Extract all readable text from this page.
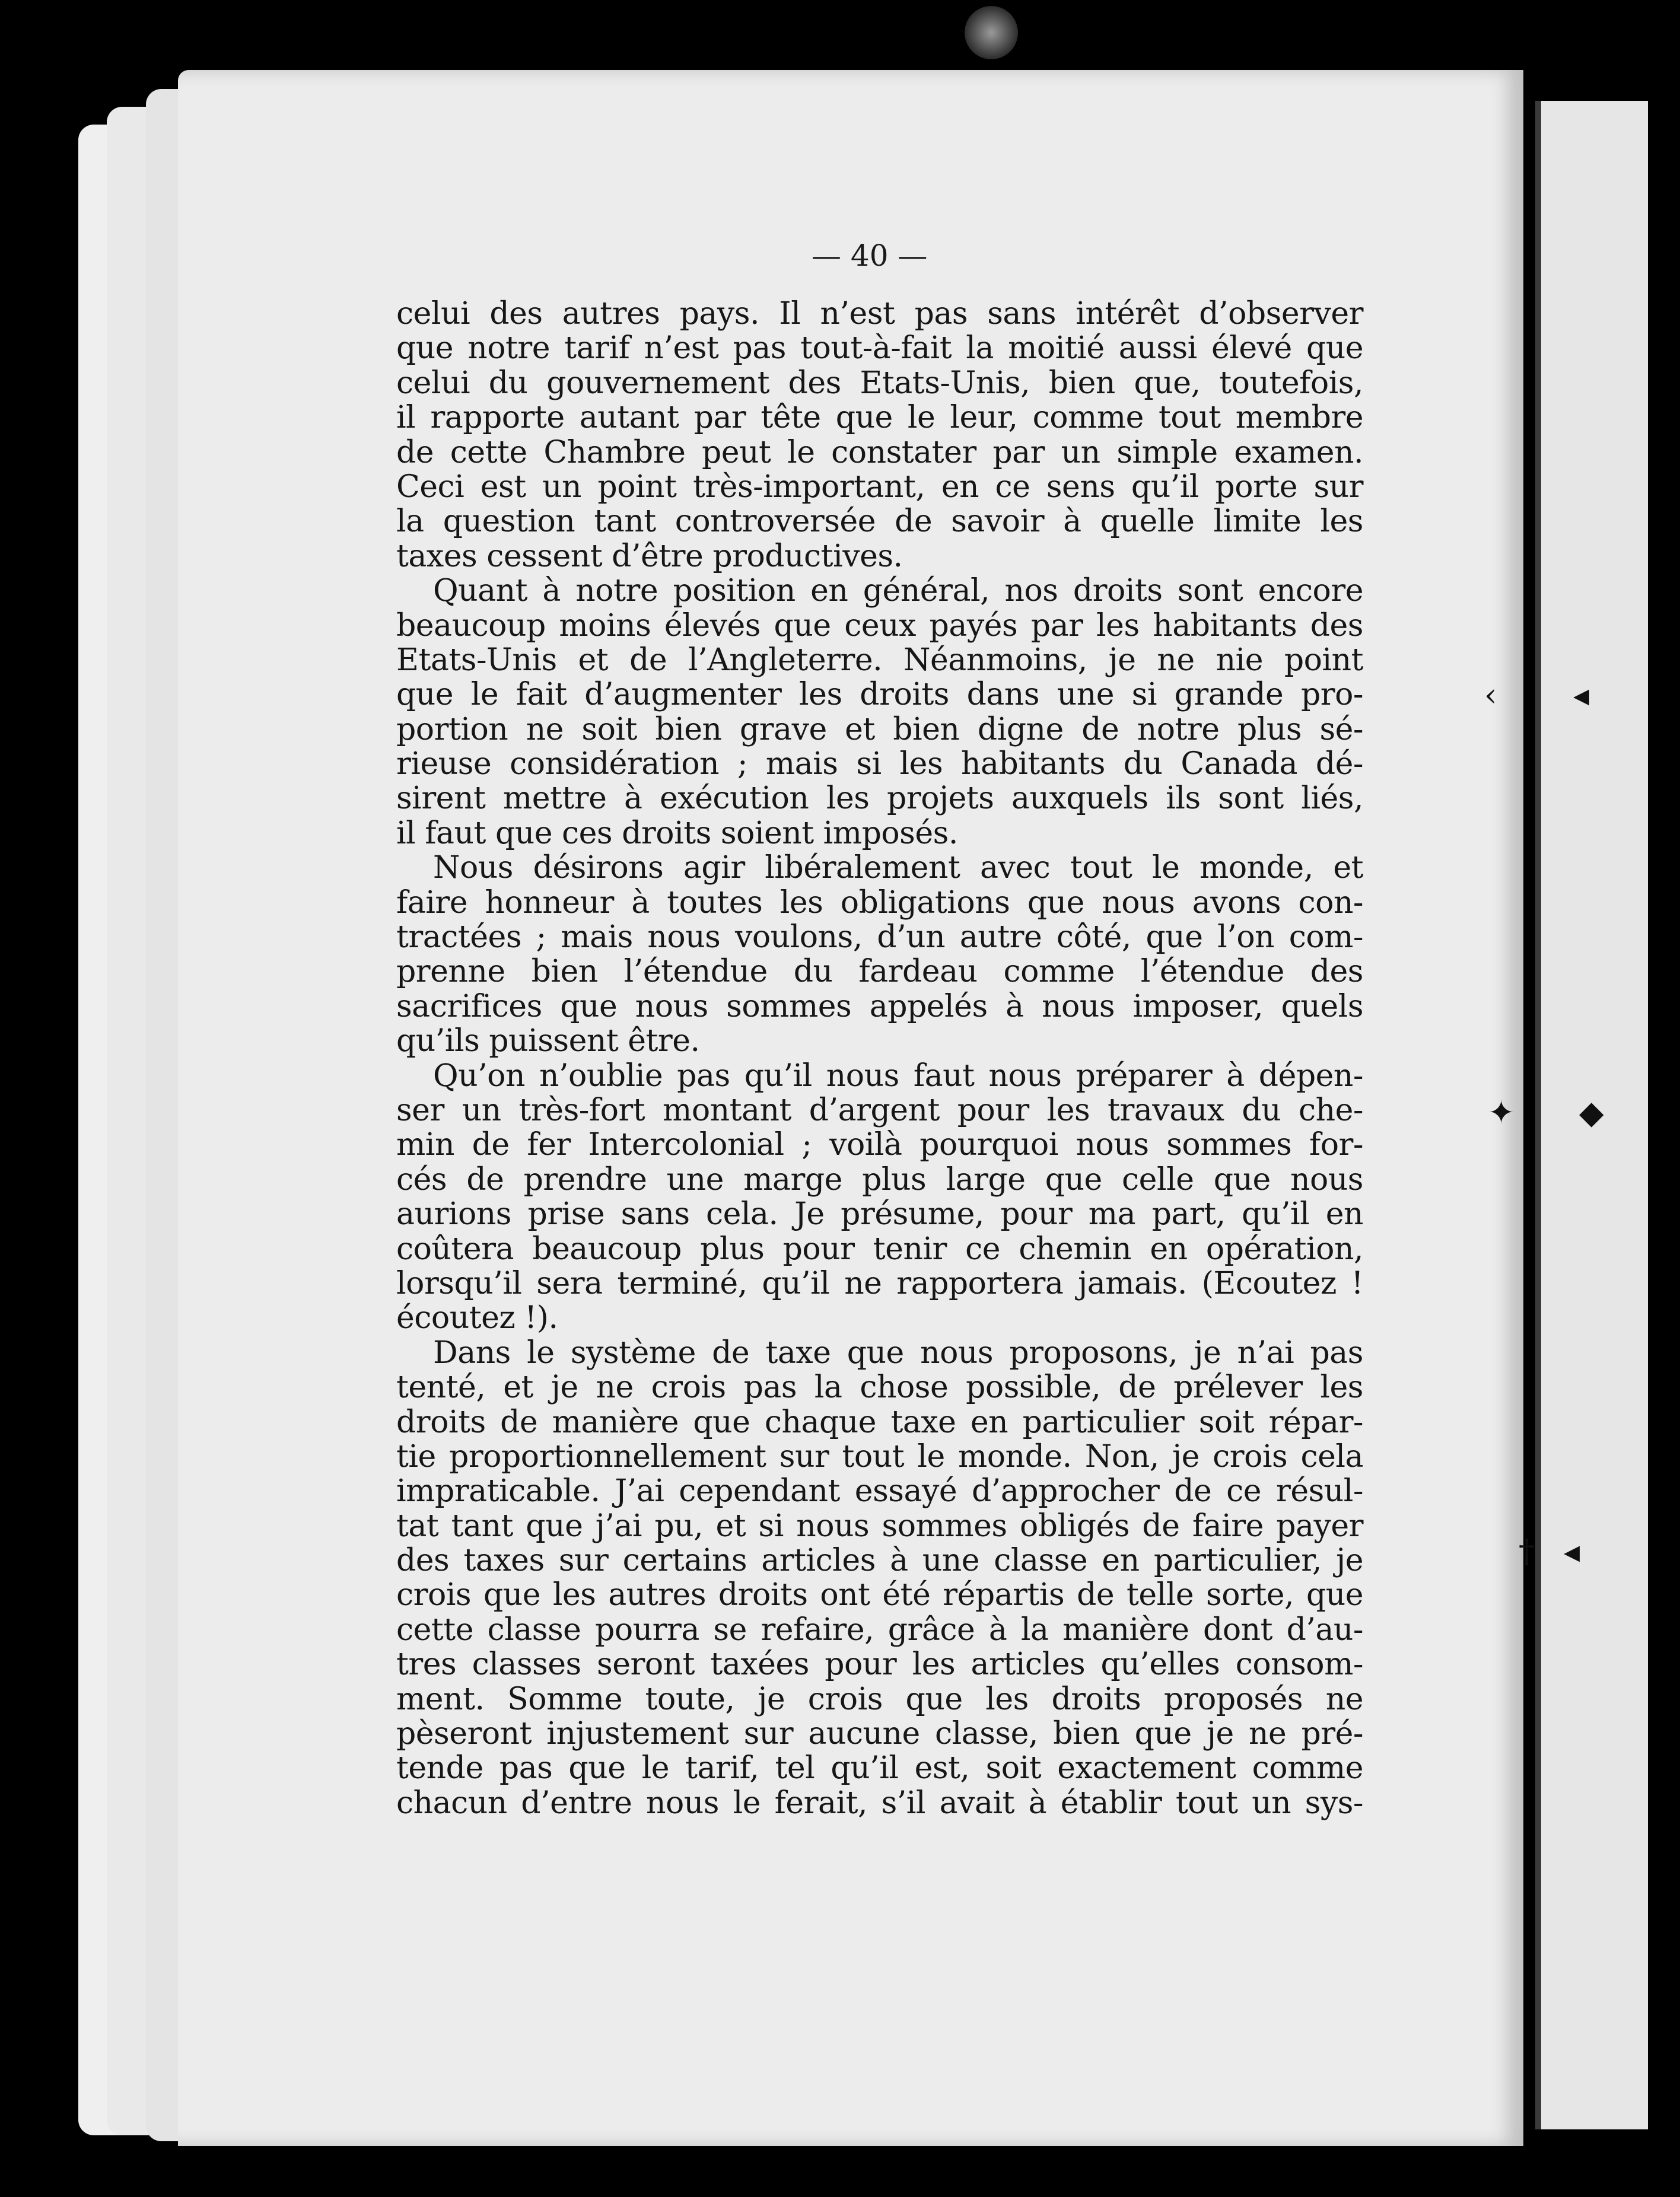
— 40 —
celui des autres pays. Il n’est pas sans intérêt d’observer
que notre tarif n’est pas tout-à-fait la moitié aussi élevé que
celui du gouvernement des Etats-Unis, bien que, toutefois,
il rapporte autant par tête que le leur, comme tout membre
de cette Chambre peut le constater par un simple examen.
Ceci est un point très-important, en ce sens qu’il porte sur
la question tant controversée de savoir à quelle limite les
taxes cessent d’être productives.
Quant à notre position en général, nos droits sont encore
beaucoup moins élevés que ceux payés par les habitants des
Etats-Unis et de l’Angleterre. Néanmoins, je ne nie point
que le fait d’augmenter les droits dans une si grande pro-
portion ne soit bien grave et bien digne de notre plus sé-
rieuse considération ; mais si les habitants du Canada dé-
sirent mettre à exécution les projets auxquels ils sont liés,
il faut que ces droits soient imposés.
Nous désirons agir libéralement avec tout le monde, et
faire honneur à toutes les obligations que nous avons con-
tractées ; mais nous voulons, d’un autre côté, que l’on com-
prenne bien l’étendue du fardeau comme l’étendue des
sacrifices que nous sommes appelés à nous imposer, quels
qu’ils puissent être.
Qu’on n’oublie pas qu’il nous faut nous préparer à dépen-
ser un très-fort montant d’argent pour les travaux du che-
min de fer Intercolonial ; voilà pourquoi nous sommes for-
cés de prendre une marge plus large que celle que nous
aurions prise sans cela. Je présume, pour ma part, qu’il en
coûtera beaucoup plus pour tenir ce chemin en opération,
lorsqu’il sera terminé, qu’il ne rapportera jamais. (Ecoutez !
écoutez !).
Dans le système de taxe que nous proposons, je n’ai pas
tenté, et je ne crois pas la chose possible, de prélever les
droits de manière que chaque taxe en particulier soit répar-
tie proportionnellement sur tout le monde. Non, je crois cela
impraticable. J’ai cependant essayé d’approcher de ce résul-
tat tant que j’ai pu, et si nous sommes obligés de faire payer
des taxes sur certains articles à une classe en particulier, je
crois que les autres droits ont été répartis de telle sorte, que
cette classe pourra se refaire, grâce à la manière dont d’au-
tres classes seront taxées pour les articles qu’elles consom-
ment. Somme toute, je crois que les droits proposés ne
pèseront injustement sur aucune classe, bien que je ne pré-
tende pas que le tarif, tel qu’il est, soit exactement comme
chacun d’entre nous le ferait, s’il avait à établir tout un sys-
‹ ◂
✦ ◆
† ◂
